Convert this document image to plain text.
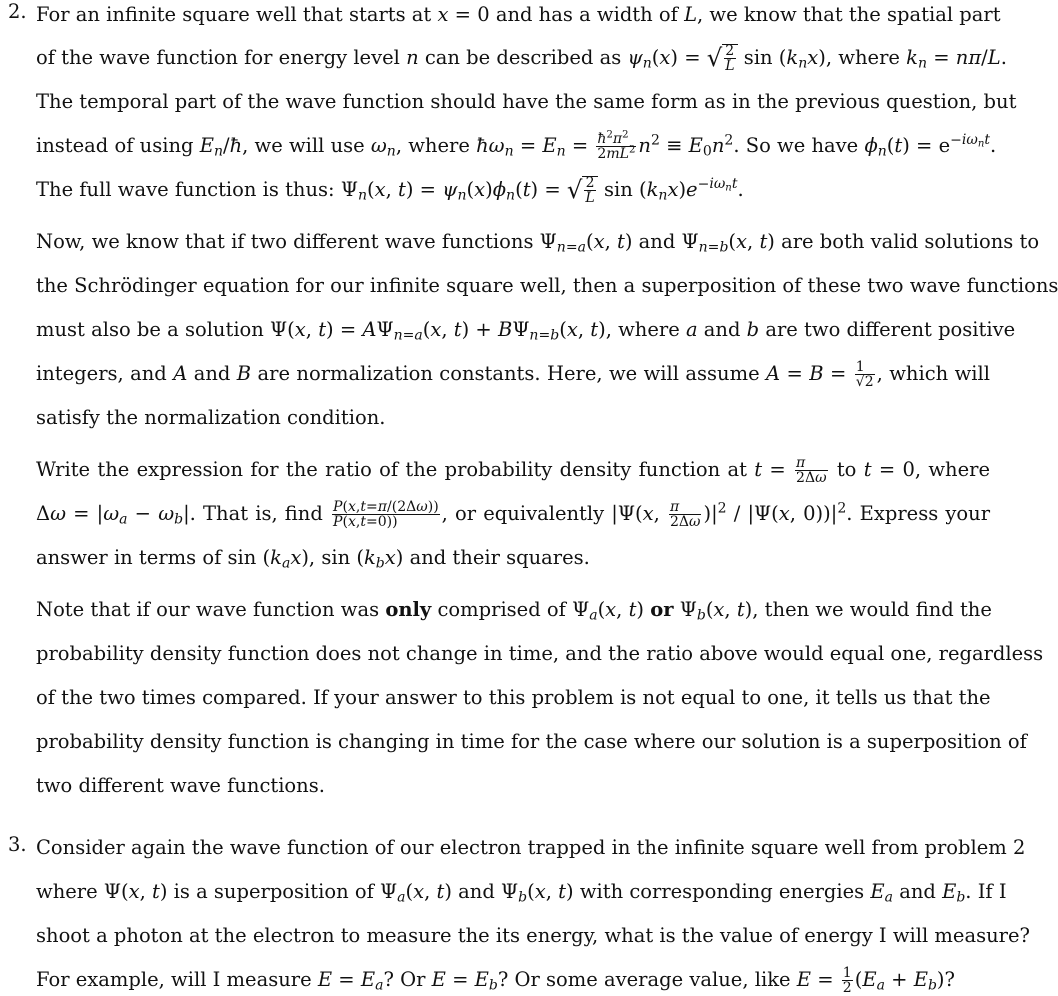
2. For an infinite square well that starts at x = 0 and has a width of L, we know that the spatial part
of the wave function for energy level n can be described as $\psi_n(x)$ = √ $\frac{2}{L}$ $\sin (k_nx)$, where $k_n = n\pi/L$.
The temporal part of the wave function should have the same form as in the previous question, but
instead of using $E_n/ħ$, we will use $\omega_n$, where $ħ\omega_n = E_n = \frac{ħ^2\pi^2}{2mL^2} n^2 \equiv E_0n^2$. So we have $\phi_n(t) = e^{-i\omega_nt}$.
The full wave function is thus: $\Psi_n(x$, $t) = \psi_n(x)\phi_n(t)$ = √ $\frac{2}{L}$ $\sin (k_nx)e^{-i\omega_nt}$.
Now, we know that if two different wave functions $\Psi_{n=a}(x$, t) and $\Psi_{n=b}(x$, t) are both valid solutions to
the Schrödinger equation for our infinite square well, then a superposition of these two wave functions
must also be a solution Ψ(x, $t) = A\Psi_{n=a}(x$, $t) + B\Psi_{n=b}(x$, t), where a and b are two different positive
integers, and A and B are normalization constants. Here, we will assume $A = B = \frac{1}{√2}$ , which will
satisfy the normalization condition.
Write the expression for the ratio of the probability density function at $t = \frac{\pi}{2\Delta\omega}$ to t = 0, where
$\Delta\omega = |\omega_a - \omega_b|$. That is, find $\frac{P(x,t=\pi/(2\Delta\omega))}{P(x,t=0))}$ , or equivalently |Ψ(x, $\frac{\pi}{2\Delta\omega} )|^2 / |\Psi(x$, $0))|^2$. Express your
answer in terms of $\sin (k_ax)$, $\sin (k_bx)$ and their squares.
Note that if our wave function was only comprised of $\Psi_a(x$, t) or $\Psi_b(x$, t), then we would find the
probability density function does not change in time, and the ratio above would equal one, regardless
of the two times compared. If your answer to this problem is not equal to one, it tells us that the
probability density function is changing in time for the case where our solution is a superposition of
two different wave functions.
3. Consider again the wave function of our electron trapped in the infinite square well from problem 2
where Ψ(x, t) is a superposition of $\Psi_a(x$, t) and $\Psi_b(x$, t) with corresponding energies $E_a$ and $E_b$. If I
shoot a photon at the electron to measure the its energy, what is the value of energy I will measure?
For example, will I measure $E = E_a$? Or $E = E_b$? Or some average value, like $E = \frac{1}{2} (E_a + E_b)$?
